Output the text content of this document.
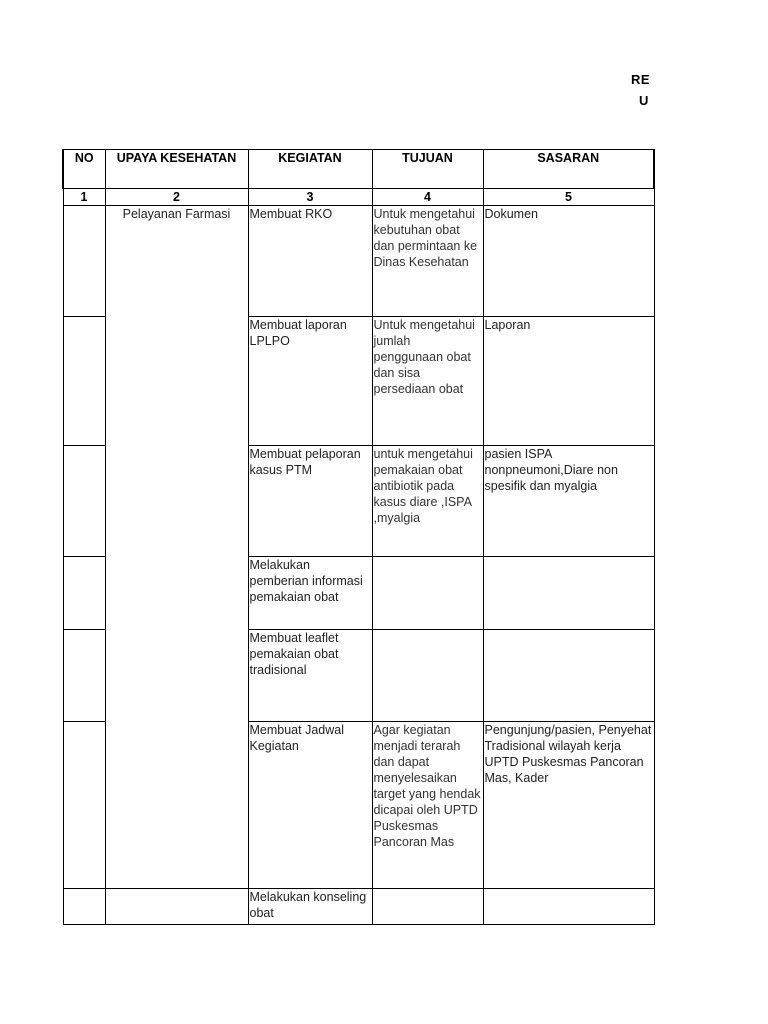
RE
U
NO	UPAYA KESEHATAN	KEGIATAN	TUJUAN	SASARAN
1	2	3	4	5
	Pelayanan Farmasi	Membuat RKO	Untuk mengetahui kebutuhan obat dan permintaan ke Dinas Kesehatan	Dokumen
		Membuat laporan LPLPO	Untuk mengetahui jumlah penggunaan obat dan sisa persediaan obat	Laporan
		Membuat pelaporan kasus PTM	untuk mengetahui pemakaian obat antibiotik pada kasus diare ,ISPA ,myalgia	pasien ISPA nonpneumoni,Diare non spesifik dan myalgia
		Melakukan pemberian informasi pemakaian obat		
		Membuat leaflet pemakaian obat tradisional		
		Membuat Jadwal Kegiatan	Agar kegiatan menjadi terarah dan dapat menyelesaikan target yang hendak dicapai oleh UPTD Puskesmas Pancoran Mas	Pengunjung/pasien, Penyehat Tradisional wilayah kerja UPTD Puskesmas Pancoran Mas, Kader
		Melakukan konseling obat		
